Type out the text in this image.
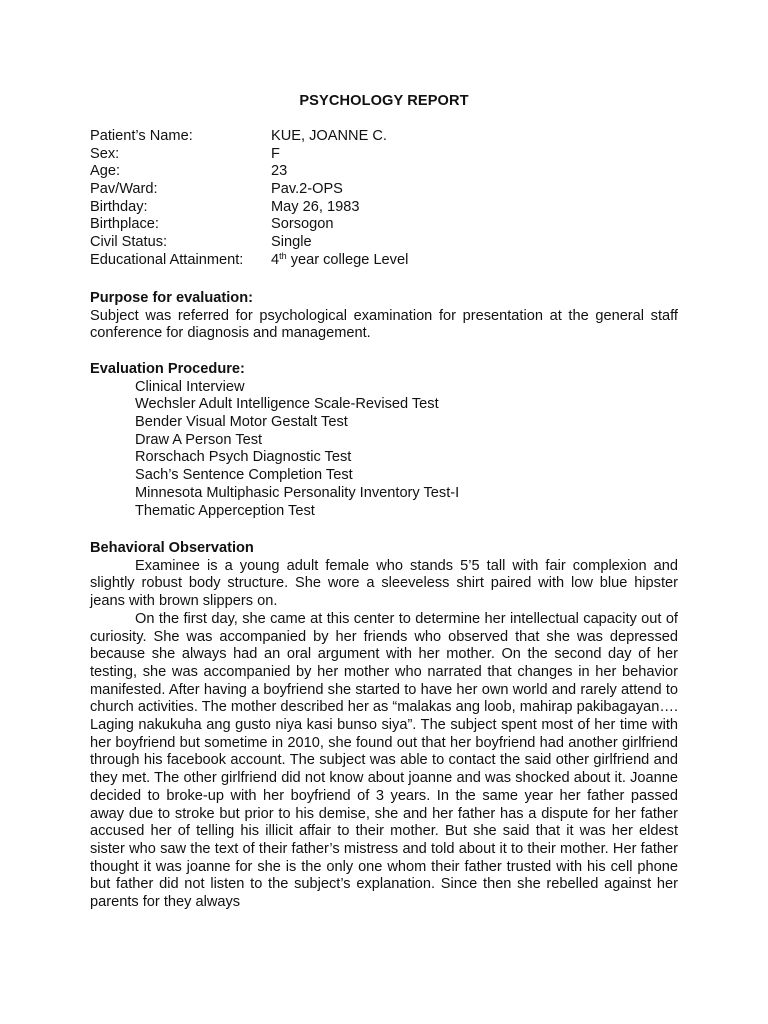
PSYCHOLOGY REPORT
Patient’s Name:	KUE, JOANNE C.
Sex:	F
Age:	23
Pav/Ward:	Pav.2-OPS
Birthday:	May 26, 1983
Birthplace:	Sorsogon
Civil Status:	Single
Educational Attainment:	4th year college Level
Purpose for evaluation:

Subject was referred for psychological examination for presentation at the general staff conference for diagnosis and management.

Evaluation Procedure:
Clinical Interview
Wechsler Adult Intelligence Scale-Revised Test
Bender Visual Motor Gestalt Test
Draw A Person Test
Rorschach Psych Diagnostic Test
Sach’s Sentence Completion Test
Minnesota Multiphasic Personality Inventory Test-I
Thematic Apperception Test
Behavioral Observation

Examinee is a young adult female who stands 5’5 tall with fair complexion and slightly robust body structure. She wore a sleeveless shirt paired with low blue hipster jeans with brown slippers on.

On the first day, she came at this center to determine her intellectual capacity out of curiosity. She was accompanied by her friends who observed that she was depressed because she always had an oral argument with her mother. On the second day of her testing, she was accompanied by her mother who narrated that changes in her behavior manifested. After having a boyfriend she started to have her own world and rarely attend to church activities. The mother described her as “malakas ang loob, mahirap pakibagayan…. Laging nakukuha ang gusto niya kasi bunso siya”. The subject spent most of her time with her boyfriend but sometime in 2010, she found out that her boyfriend had another girlfriend through his facebook account. The subject was able to contact the said other girlfriend and they met. The other girlfriend did not know about joanne and was shocked about it. Joanne decided to broke-up with her boyfriend of 3 years. In the same year her father passed away due to stroke but prior to his demise, she and her father has a dispute for her father accused her of telling his illicit affair to their mother. But she said that it was her eldest sister who saw the text of their father’s mistress and told about it to their mother. Her father thought it was joanne for she is the only one whom their father trusted with his cell phone but father did not listen to the subject’s explanation. Since then she rebelled against her parents for they always
